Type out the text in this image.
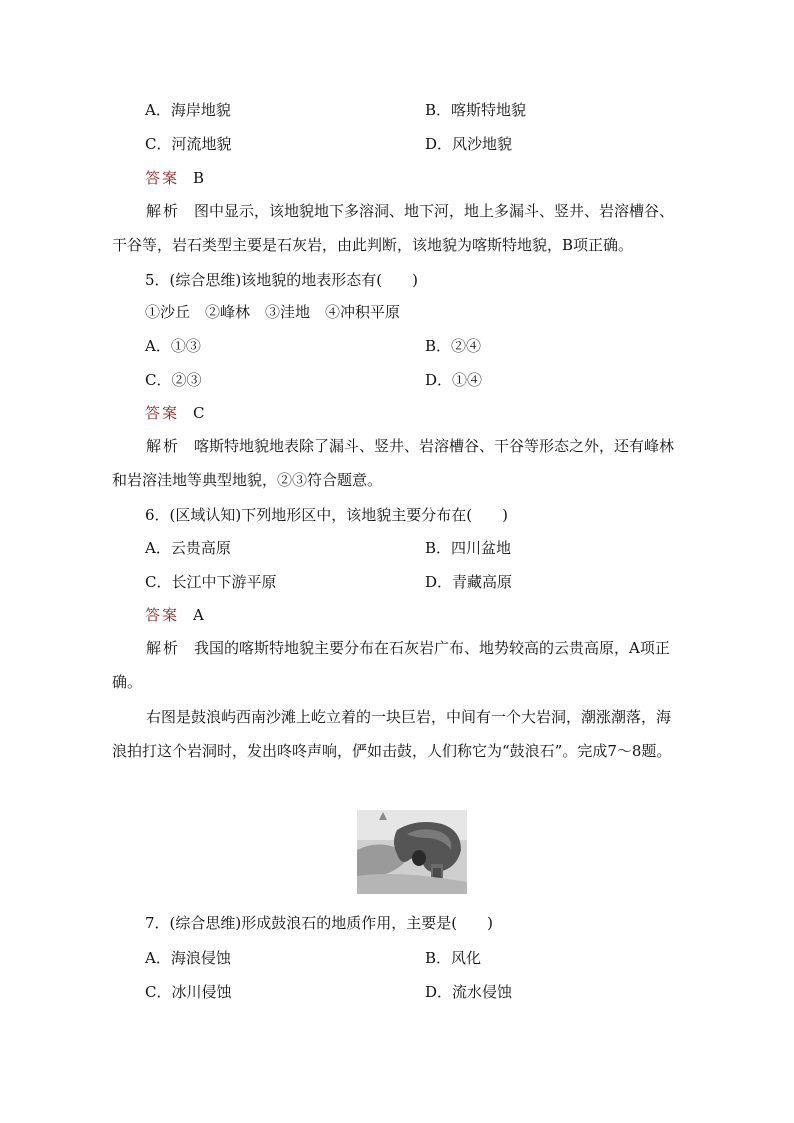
A．海岸地貌	B．喀斯特地貌
C．河流地貌	D．风沙地貌
答案 B
解析 图中显示，该地貌地下多溶洞、地下河，地上多漏斗、竖井、岩溶槽谷、干谷等，岩石类型主要是石灰岩，由此判断，该地貌为喀斯特地貌，B项正确。
5．(综合思维)该地貌的地表形态有(　　)
①沙丘　②峰林　③洼地　④冲积平原
A．①③	B．②④
C．②③	D．①④
答案 C
解析 喀斯特地貌地表除了漏斗、竖井、岩溶槽谷、干谷等形态之外，还有峰林和岩溶洼地等典型地貌，②③符合题意。
6．(区域认知)下列地形区中，该地貌主要分布在(　　)
A．云贵高原	B．四川盆地
C．长江中下游平原	D．青藏高原
答案 A
解析 我国的喀斯特地貌主要分布在石灰岩广布、地势较高的云贵高原，A项正确。
右图是鼓浪屿西南沙滩上屹立着的一块巨岩，中间有一个大岩洞，潮涨潮落，海浪拍打这个岩洞时，发出咚咚声响，俨如击鼓，人们称它为“鼓浪石”。完成7～8题。
7．(综合思维)形成鼓浪石的地质作用，主要是(　　)
A．海浪侵蚀	B．风化
C．冰川侵蚀	D．流水侵蚀
